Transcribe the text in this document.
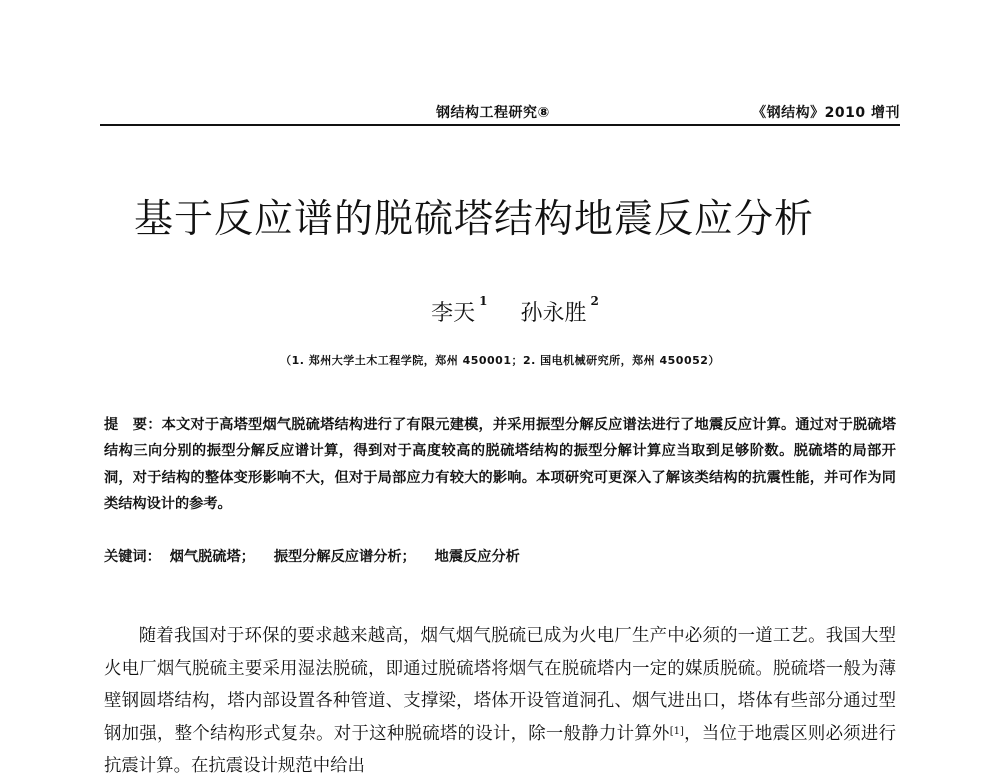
钢结构工程研究⑧	《钢结构》2010 增刊
基于反应谱的脱硫塔结构地震反应分析
李天 $^1$ 孙永胜 $^2$
（1. 郑州大学土木工程学院，郑州 450001；2. 国电机械研究所，郑州 450052）
提　要：本文对于高塔型烟气脱硫塔结构进行了有限元建模，并采用振型分解反应谱法进行了地震反应计算。通过对于脱硫塔结构三向分别的振型分解反应谱计算，得到对于高度较高的脱硫塔结构的振型分解计算应当取到足够阶数。脱硫塔的局部开洞，对于结构的整体变形影响不大，但对于局部应力有较大的影响。本项研究可更深入了解该类结构的抗震性能，并可作为同类结构设计的参考。
关键词： 烟气脱硫塔； 振型分解反应谱分析； 地震反应分析
随着我国对于环保的要求越来越高，烟气烟气脱硫已成为火电厂生产中必须的一道工艺。我国大型火电厂烟气脱硫主要采用湿法脱硫，即通过脱硫塔将烟气在脱硫塔内一定的媒质脱硫。脱硫塔一般为薄壁钢圆塔结构，塔内部设置各种管道、支撑梁，塔体开设管道洞孔、烟气进出口，塔体有些部分通过型钢加强，整个结构形式复杂。对于这种脱硫塔的设计，除一般静力计算外[1]，当位于地震区则必须进行抗震计算。在抗震设计规范中给出
